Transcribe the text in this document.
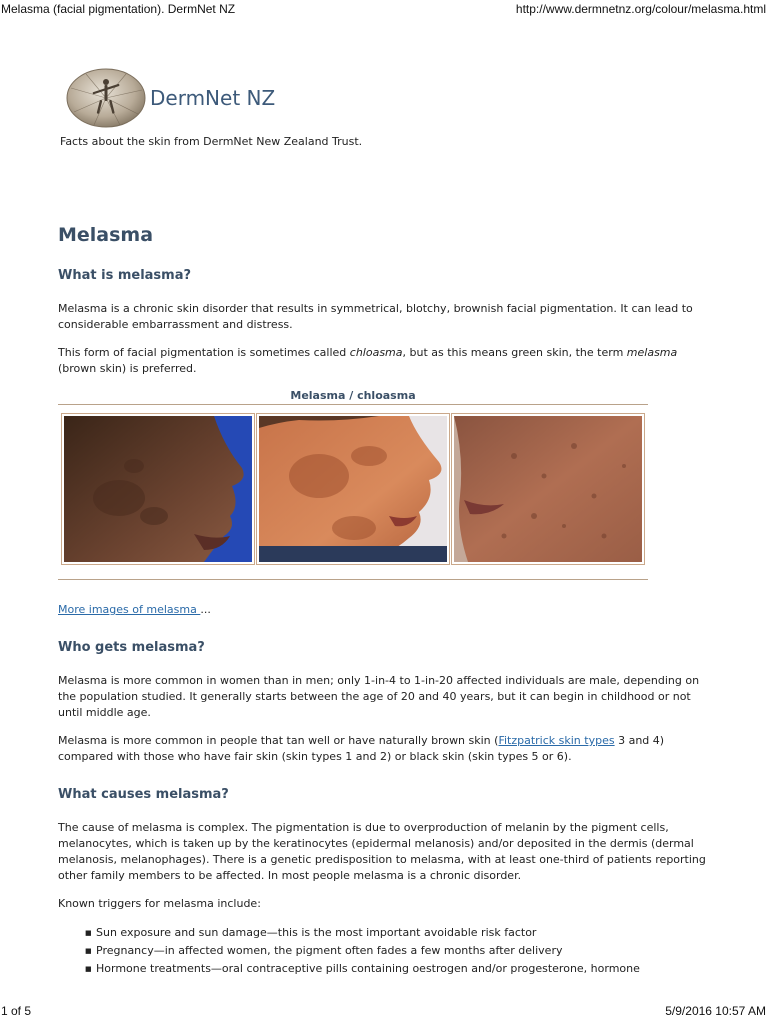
Melasma (facial pigmentation). DermNet NZ	http://www.dermnetnz.org/colour/melasma.html
DermNet NZ
Facts about the skin from DermNet New Zealand Trust.
Melasma
What is melasma?

Melasma is a chronic skin disorder that results in symmetrical, blotchy, brownish facial pigmentation. It can lead to considerable embarrassment and distress.

This form of facial pigmentation is sometimes called chloasma, but as this means green skin, the term melasma (brown skin) is preferred.

Melasma / chloasma

More images of melasma ...

Who gets melasma?

Melasma is more common in women than in men; only 1-in-4 to 1-in-20 affected individuals are male, depending on the population studied. It generally starts between the age of 20 and 40 years, but it can begin in childhood or not until middle age.

Melasma is more common in people that tan well or have naturally brown skin (Fitzpatrick skin types 3 and 4) compared with those who have fair skin (skin types 1 and 2) or black skin (skin types 5 or 6).

What causes melasma?

The cause of melasma is complex. The pigmentation is due to overproduction of melanin by the pigment cells, melanocytes, which is taken up by the keratinocytes (epidermal melanosis) and/or deposited in the dermis (dermal melanosis, melanophages). There is a genetic predisposition to melasma, with at least one-third of patients reporting other family members to be affected. In most people melasma is a chronic disorder.

Known triggers for melasma include:

■ Sun exposure and sun damage—this is the most important avoidable risk factor
■ Pregnancy—in affected women, the pigment often fades a few months after delivery
■ Hormone treatments—oral contraceptive pills containing oestrogen and/or progesterone, hormone
1 of 5	5/9/2016 10:57 AM
